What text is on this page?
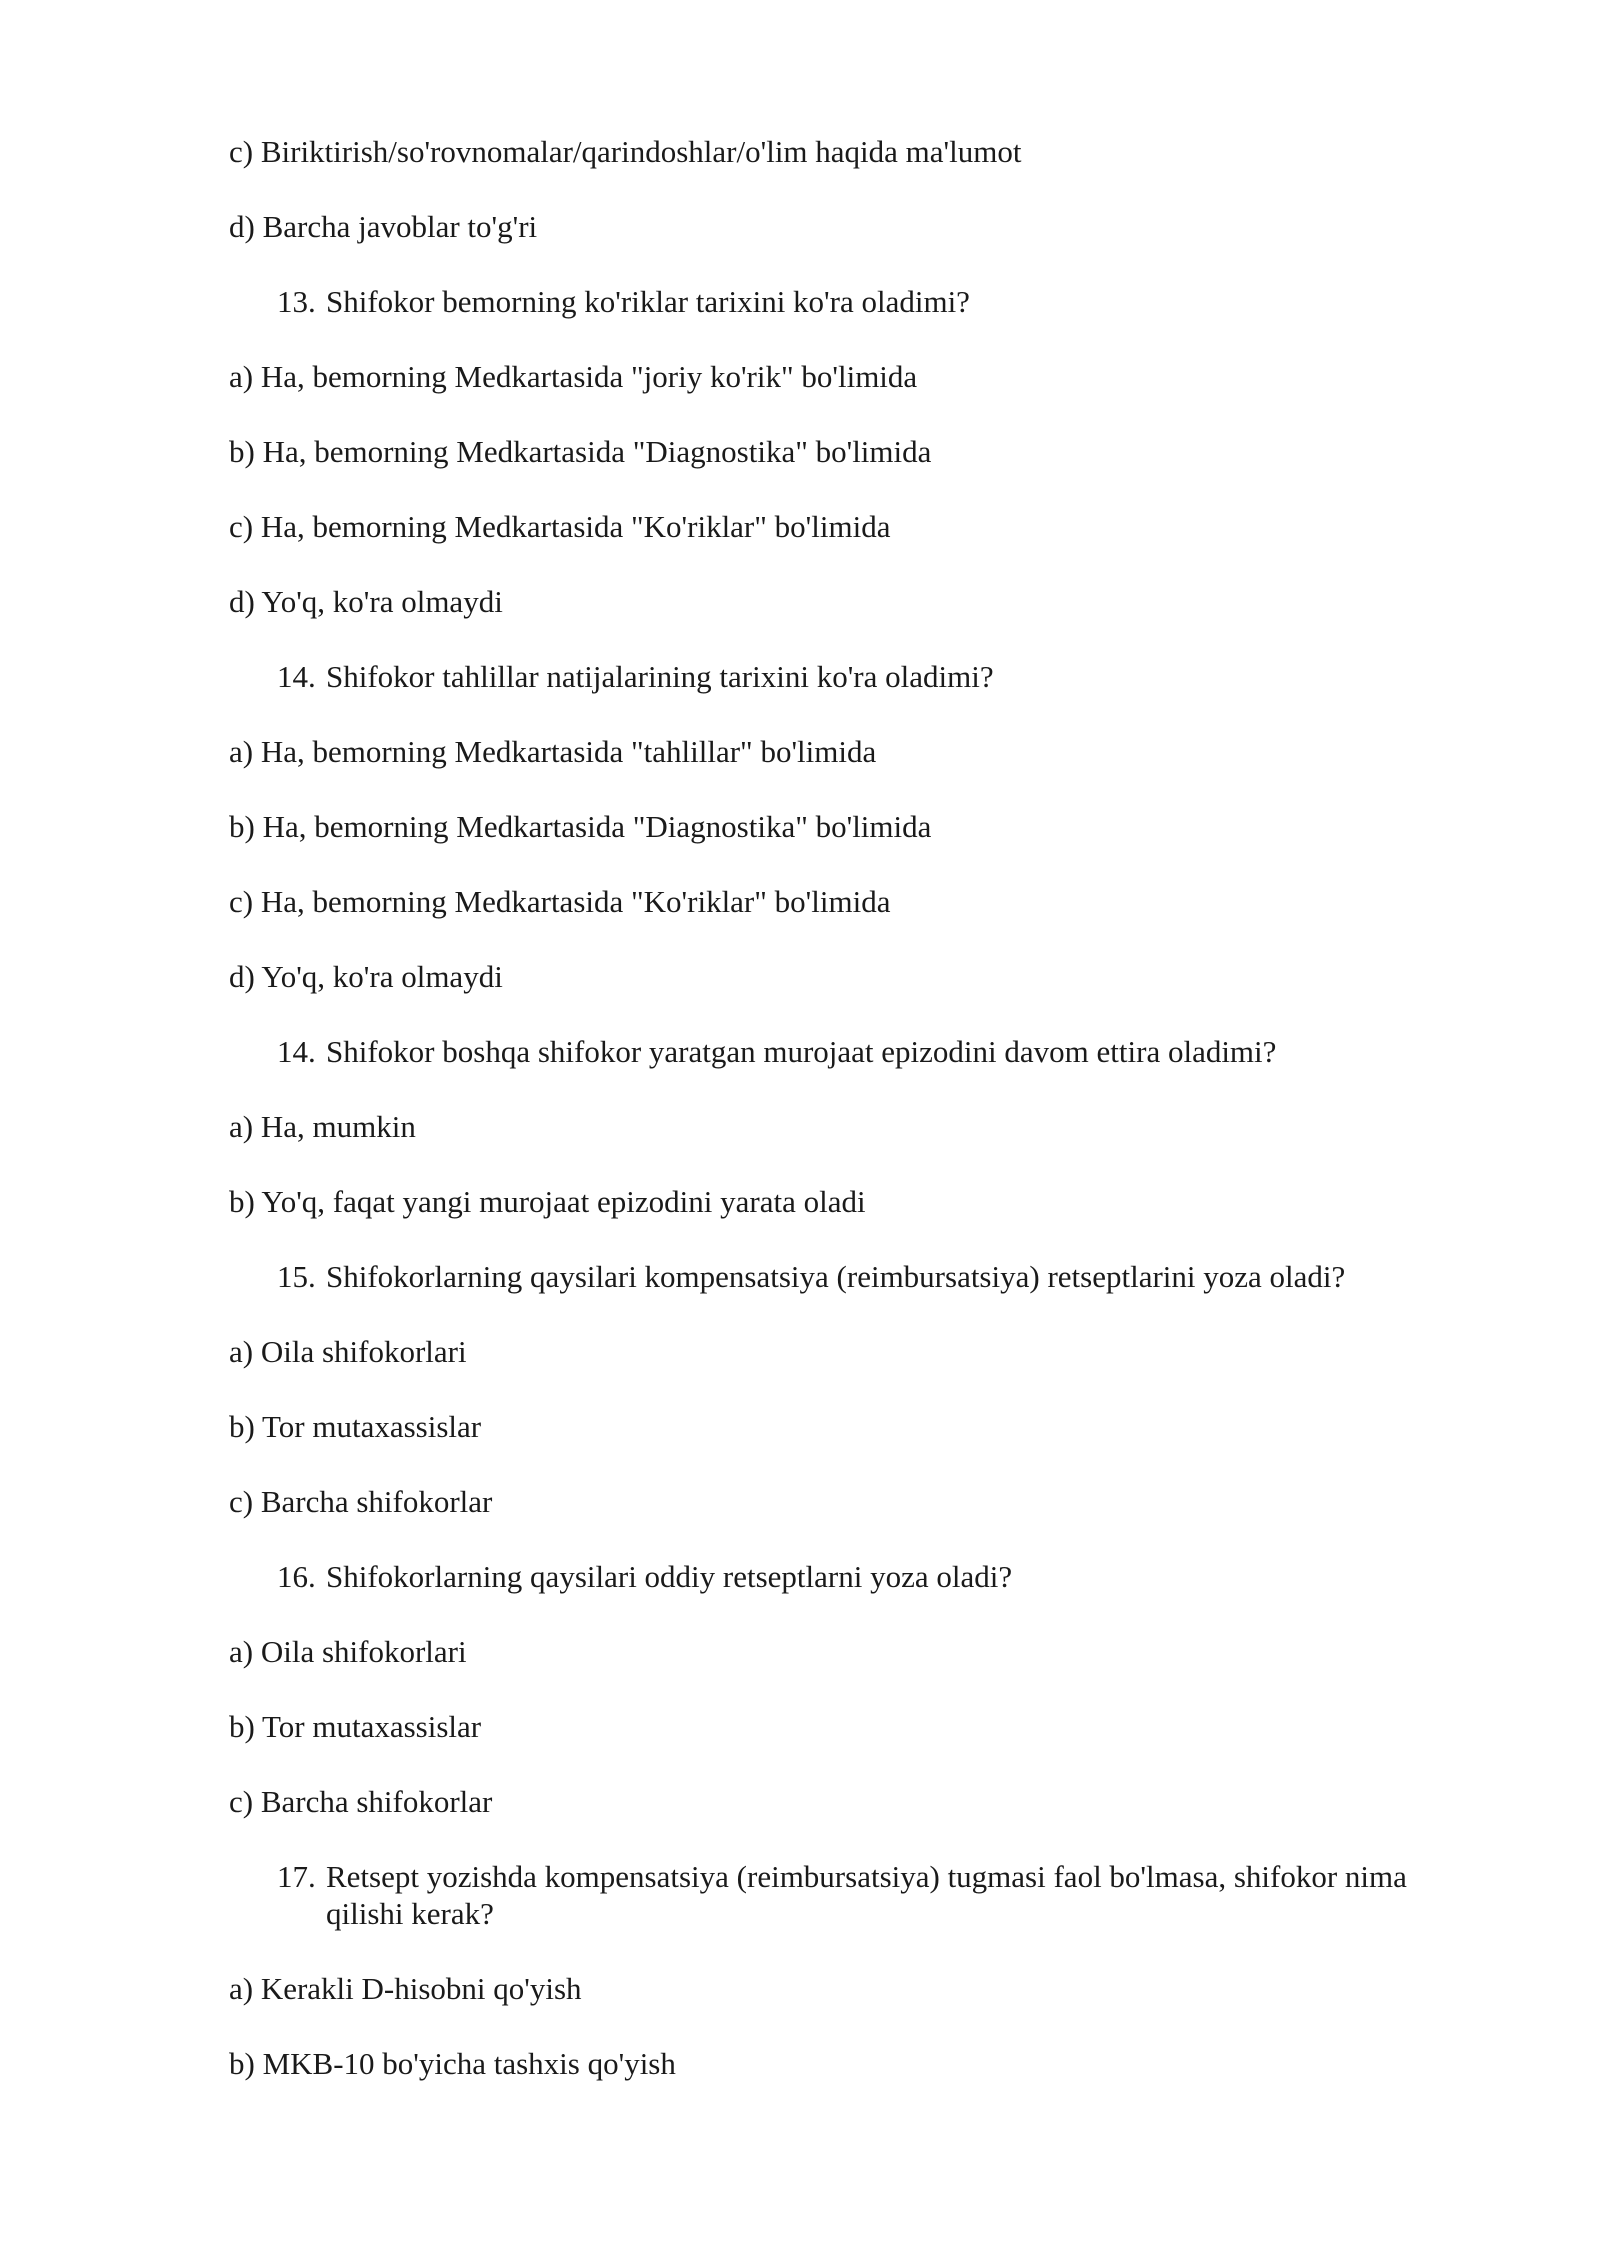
c) Biriktirish/so'rovnomalar/qarindoshlar/o'lim haqida ma'lumot
d) Barcha javoblar to'g'ri
13. Shifokor bemorning ko'riklar tarixini ko'ra oladimi?
a) Ha, bemorning Medkartasida "joriy ko'rik" bo'limida
b) Ha, bemorning Medkartasida "Diagnostika" bo'limida
c) Ha, bemorning Medkartasida "Ko'riklar" bo'limida
d) Yo'q, ko'ra olmaydi
14. Shifokor tahlillar natijalarining tarixini ko'ra oladimi?
a) Ha, bemorning Medkartasida "tahlillar" bo'limida
b) Ha, bemorning Medkartasida "Diagnostika" bo'limida
c) Ha, bemorning Medkartasida "Ko'riklar" bo'limida
d) Yo'q, ko'ra olmaydi
14. Shifokor boshqa shifokor yaratgan murojaat epizodini davom ettira oladimi?
a) Ha, mumkin
b) Yo'q, faqat yangi murojaat epizodini yarata oladi
15. Shifokorlarning qaysilari kompensatsiya (reimbursatsiya) retseptlarini yoza oladi?
a) Oila shifokorlari
b) Tor mutaxassislar
c) Barcha shifokorlar
16. Shifokorlarning qaysilari oddiy retseptlarni yoza oladi?
a) Oila shifokorlari
b) Tor mutaxassislar
c) Barcha shifokorlar
17. Retsept yozishda kompensatsiya (reimbursatsiya) tugmasi faol bo'lmasa, shifokor nima
qilishi kerak?
a) Kerakli D-hisobni qo'yish
b) MKB-10 bo'yicha tashxis qo'yish
